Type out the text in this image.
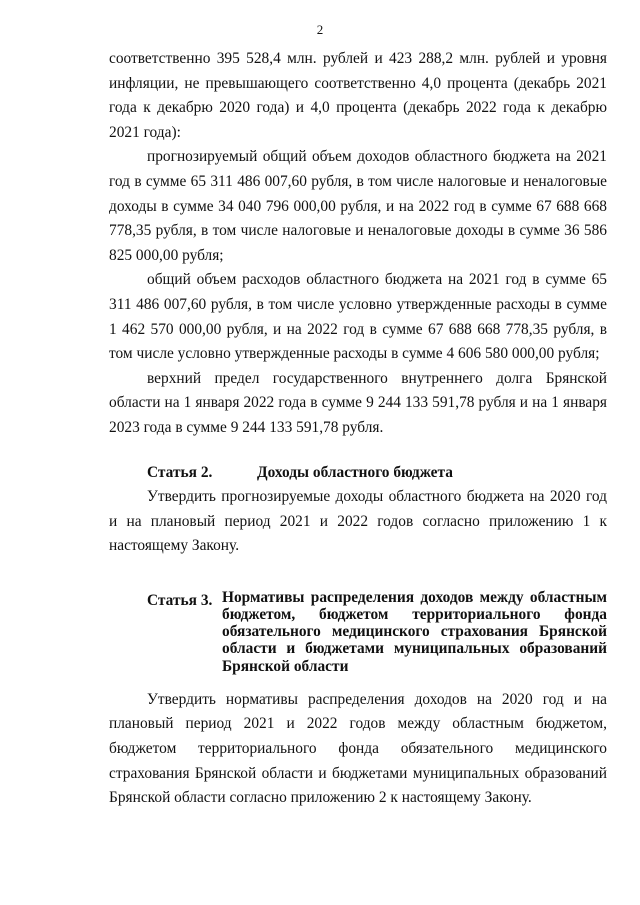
2

соответственно 395 528,4 млн. рублей и 423 288,2 млн. рублей и уровня инфляции, не превышающего соответственно 4,0 процента (декабрь 2021 года к декабрю 2020 года) и 4,0 процента (декабрь 2022 года к декабрю 2021 года):

прогнозируемый общий объем доходов областного бюджета на 2021 год в сумме 65 311 486 007,60 рубля, в том числе налоговые и неналоговые доходы в сумме 34 040 796 000,00 рубля, и на 2022 год в сумме 67 688 668 778,35 рубля, в том числе налоговые и неналоговые доходы в сумме 36 586 825 000,00 рубля;

общий объем расходов областного бюджета на 2021 год в сумме 65 311 486 007,60 рубля, в том числе условно утвержденные расходы в сумме 1 462 570 000,00 рубля, и на 2022 год в сумме 67 688 668 778,35 рубля, в том числе условно утвержденные расходы в сумме 4 606 580 000,00 рубля;

верхний предел государственного внутреннего долга Брянской области на 1 января 2022 года в сумме 9 244 133 591,78 рубля и на 1 января 2023 года в сумме 9 244 133 591,78 рубля.

Статья 2.	Доходы областного бюджета

Утвердить прогнозируемые доходы областного бюджета на 2020 год и на плановый период 2021 и 2022 годов согласно приложению 1 к настоящему Закону.

Статья 3. Нормативы распределения доходов между областным бюджетом, бюджетом территориального фонда обязательного медицинского страхования Брянской области и бюджетами муниципальных образований Брянской области

Утвердить нормативы распределения доходов на 2020 год и на плановый период 2021 и 2022 годов между областным бюджетом, бюджетом территориального фонда обязательного медицинского страхования Брянской области и бюджетами муниципальных образований Брянской области согласно приложению 2 к настоящему Закону.
